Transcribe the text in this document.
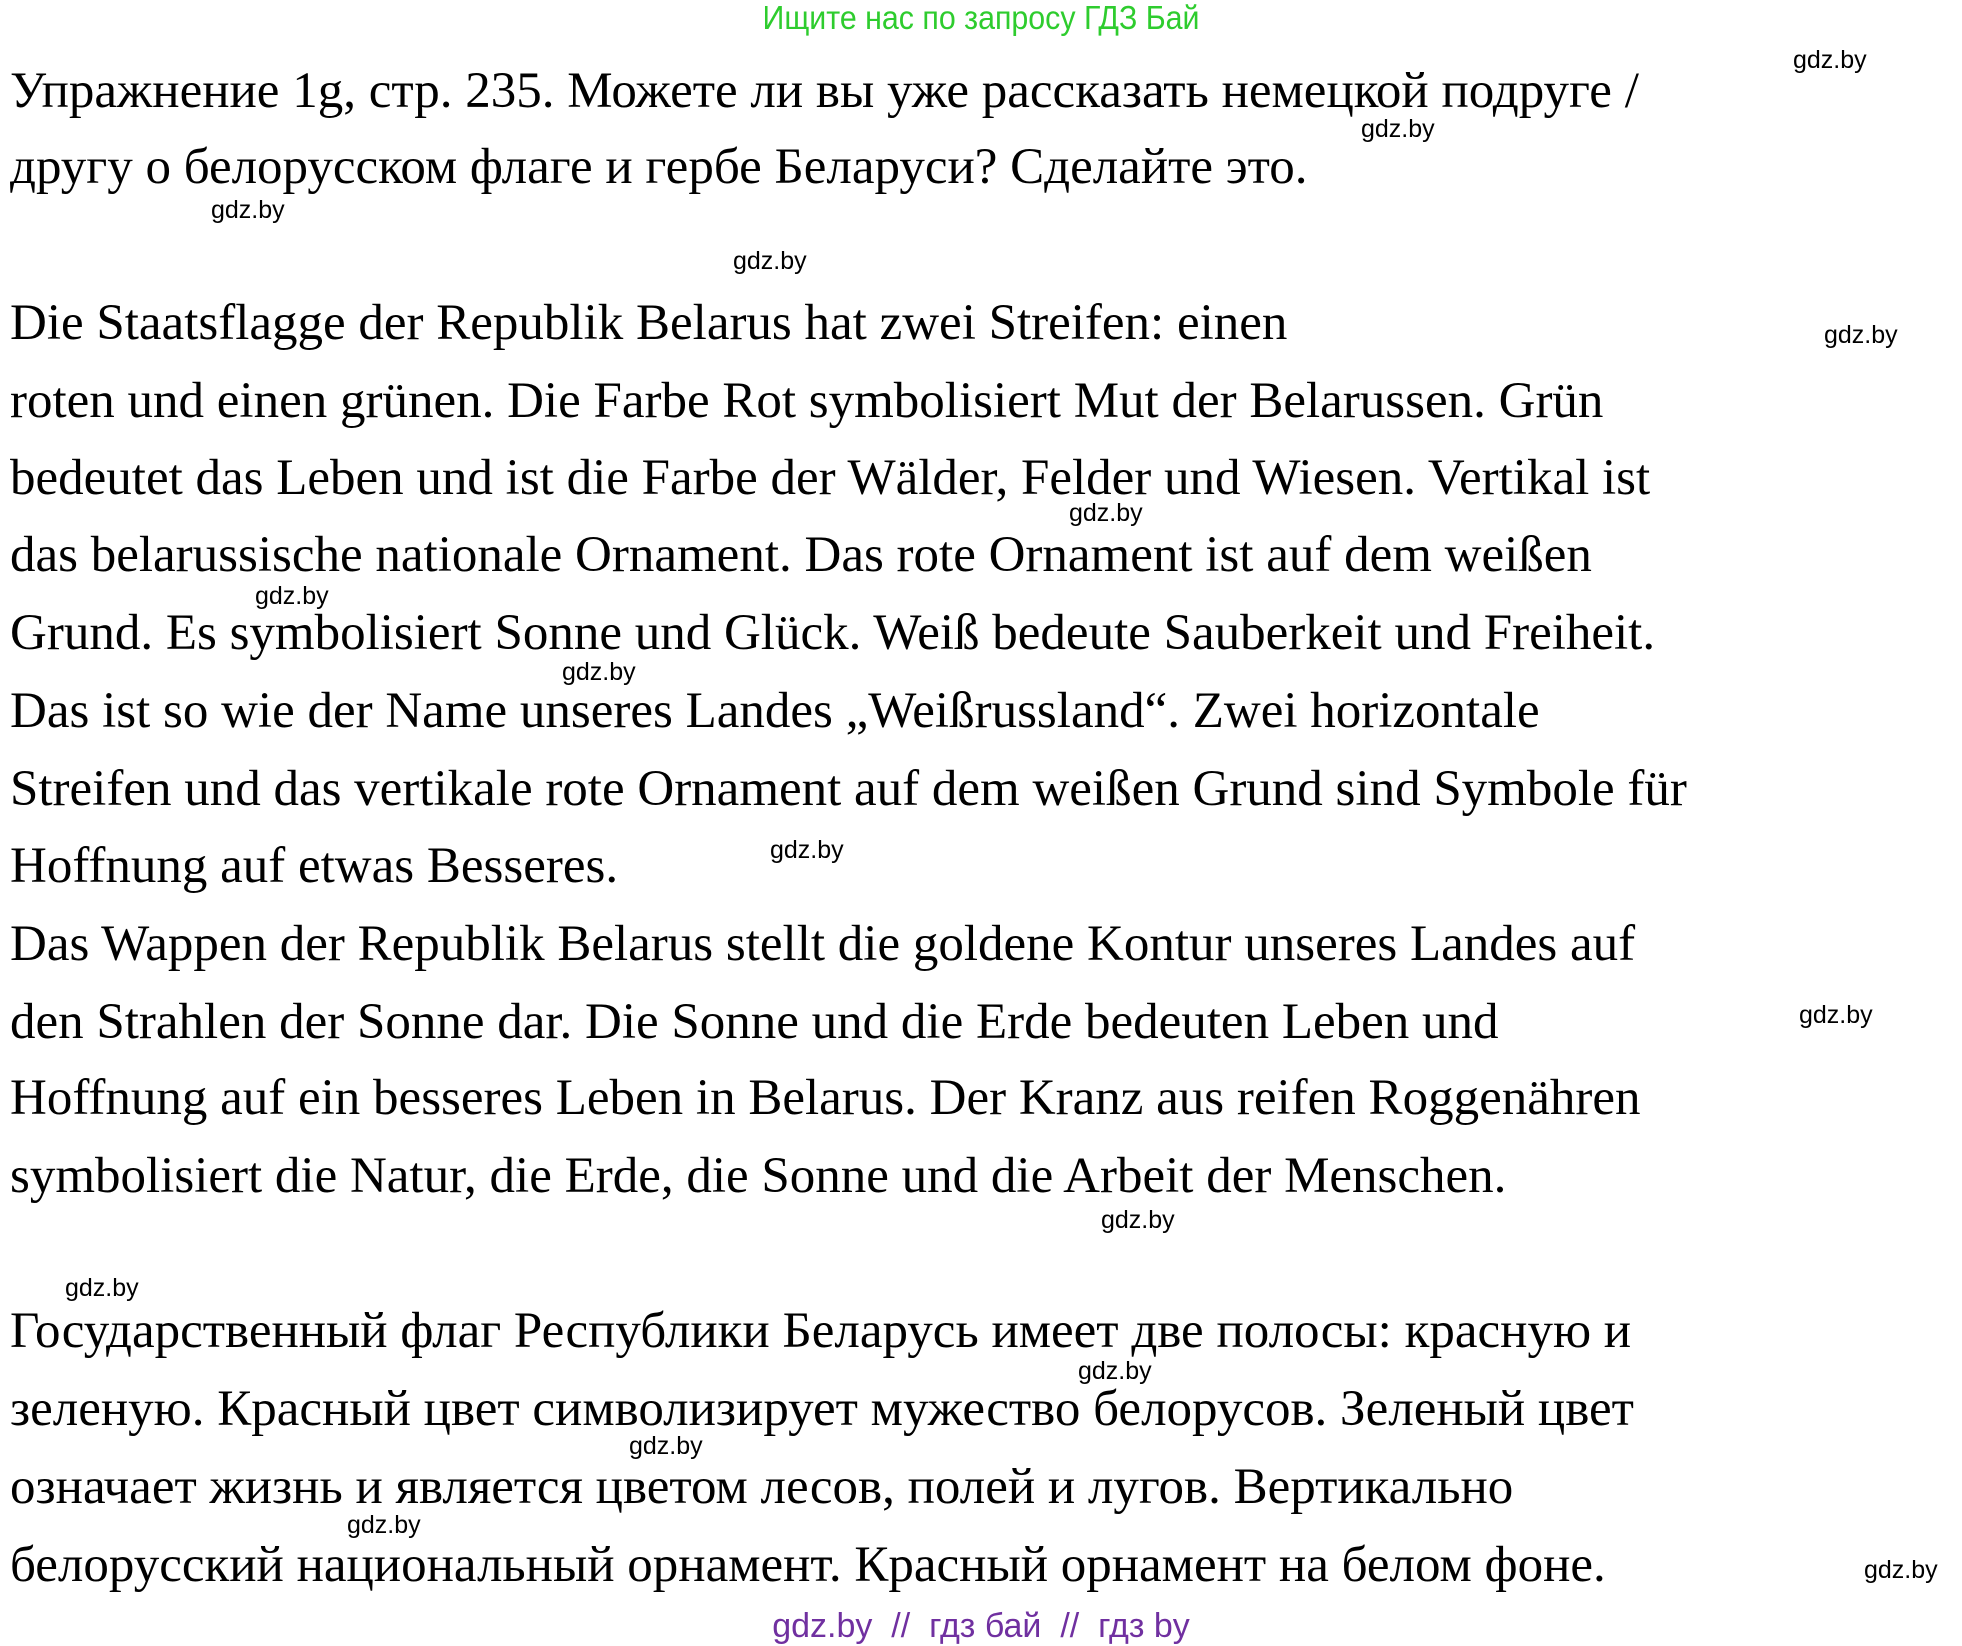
Ищите нас по запросу ГДЗ Бай
Упражнение 1g, стр. 235. Можете ли вы уже рассказать немецкой подруге /
другу о белорусском флаге и гербе Беларуси? Сделайте это.
Die Staatsflagge der Republik Belarus hat zwei Streifen: einen
roten und einen grünen. Die Farbe Rot symbolisiert Mut der Belarussen. Grün
bedeutet das Leben und ist die Farbe der Wälder, Felder und Wiesen. Vertikal ist
das belarussische nationale Ornament. Das rote Ornament ist auf dem weißen
Grund. Es symbolisiert Sonne und Glück. Weiß bedeute Sauberkeit und Freiheit.
Das ist so wie der Name unseres Landes „Weißrussland“. Zwei horizontale
Streifen und das vertikale rote Ornament auf dem weißen Grund sind Symbole für
Hoffnung auf etwas Besseres.
Das Wappen der Republik Belarus stellt die goldene Kontur unseres Landes auf
den Strahlen der Sonne dar. Die Sonne und die Erde bedeuten Leben und
Hoffnung auf ein besseres Leben in Belarus. Der Kranz aus reifen Roggenähren
symbolisiert die Natur, die Erde, die Sonne und die Arbeit der Menschen.
Государственный флаг Республики Беларусь имеет две полосы: красную и
зеленую. Красный цвет символизирует мужество белорусов. Зеленый цвет
означает жизнь и является цветом лесов, полей и лугов. Вертикально
белорусский национальный орнамент. Красный орнамент на белом фоне.
gdz.by
gdz.by
gdz.by
gdz.by
gdz.by
gdz.by
gdz.by
gdz.by
gdz.by
gdz.by
gdz.by
gdz.by
gdz.by
gdz.by
gdz.by
gdz.by
gdz.by  //  гдз бай  //  гдз by
